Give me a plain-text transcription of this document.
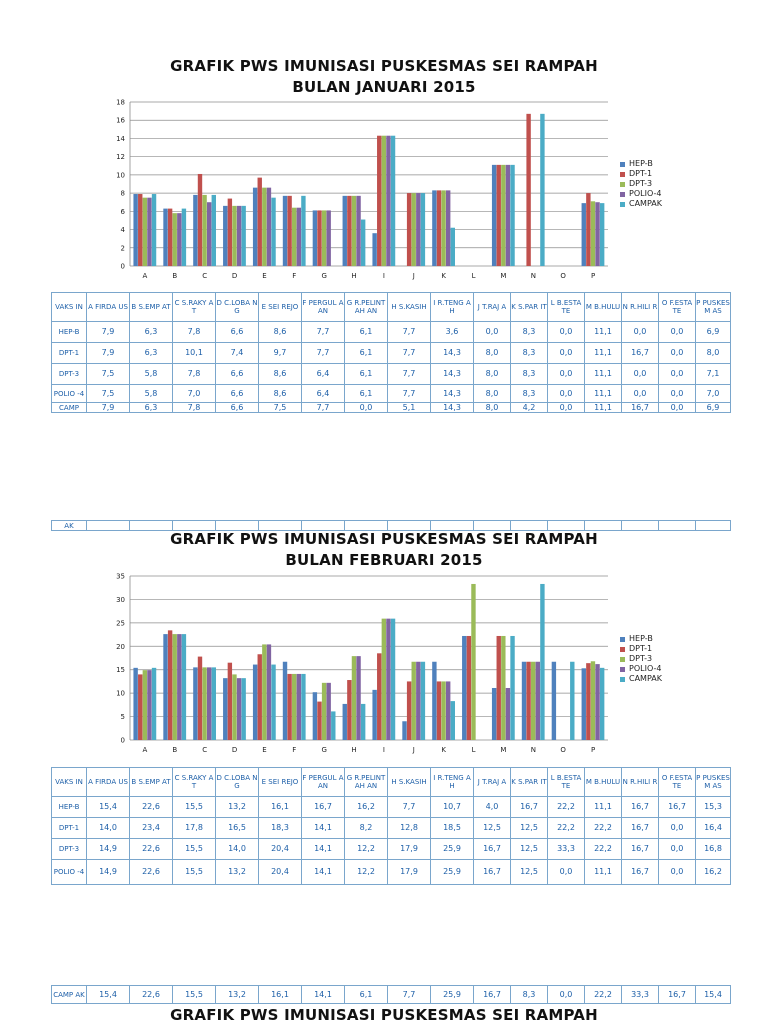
GRAFIK PWS IMUNISASI PUSKESMAS SEI RAMPAH
BULAN JANUARI 2015
0
2
4
6
8
10
12
14
16
18
A	B	C	D	E	F	G	H	I	J	K	L	M	N	O	P
HEP-B
DPT-1
DPT-3
POLIO-4
CAMPAK
VAKS IN	A FIRDA US	B S.EMP AT	C S.RAKY AT	D C.LOBA NG	E SEI REJO	F PERGUL AAN	G R.PELINTAH AN	H S.KASIH	I R.TENG AH	J T.RAJ A	K S.PAR IT	L B.ESTA TE	M B.HULU	N R.HILI R	O F.ESTA TE	P PUSKESM AS
HEP-B	7,9	6,3	7,8	6,6	8,6	7,7	6,1	7,7	3,6	0,0	8,3	0,0	11,1	0,0	0,0	6,9
DPT-1	7,9	6,3	10,1	7,4	9,7	7,7	6,1	7,7	14,3	8,0	8,3	0,0	11,1	16,7	0,0	8,0
DPT-3	7,5	5,8	7,8	6,6	8,6	6,4	6,1	7,7	14,3	8,0	8,3	0,0	11,1	0,0	0,0	7,1
POLIO -4	7,5	5,8	7,0	6,6	8,6	6,4	6,1	7,7	14,3	8,0	8,3	0,0	11,1	0,0	0,0	7,0
CAMP	7,9	6,3	7,8	6,6	7,5	7,7	0,0	5,1	14,3	8,0	4,2	0,0	11,1	16,7	0,0	6,9
AK																
GRAFIK PWS IMUNISASI PUSKESMAS SEI RAMPAH
BULAN FEBRUARI 2015
0
5
10
15
20
25
30
35
A	B	C	D	E	F	G	H	I	J	K	L	M	N	O	P
HEP-B
DPT-1
DPT-3
POLIO-4
CAMPAK
VAKS IN	A FIRDA US	B S.EMP AT	C S.RAKY AT	D C.LOBA NG	E SEI REJO	F PERGUL AAN	G R.PELINTAH AN	H S.KASIH	I R.TENG AH	J T.RAJ A	K S.PAR IT	L B.ESTA TE	M B.HULU	N R.HILI R	O F.ESTA TE	P PUSKESM AS
HEP-B	15,4	22,6	15,5	13,2	16,1	16,7	16,2	7,7	10,7	4,0	16,7	22,2	11,1	16,7	16,7	15,3
DPT-1	14,0	23,4	17,8	16,5	18,3	14,1	8,2	12,8	18,5	12,5	12,5	22,2	22,2	16,7	0,0	16,4
DPT-3	14,9	22,6	15,5	14,0	20,4	14,1	12,2	17,9	25,9	16,7	12,5	33,3	22,2	16,7	0,0	16,8
POLIO -4	14,9	22,6	15,5	13,2	20,4	14,1	12,2	17,9	25,9	16,7	12,5	0,0	11,1	16,7	0,0	16,2
CAMP AK	15,4	22,6	15,5	13,2	16,1	14,1	6,1	7,7	25,9	16,7	8,3	0,0	22,2	33,3	16,7	15,4
GRAFIK PWS IMUNISASI PUSKESMAS SEI RAMPAH
